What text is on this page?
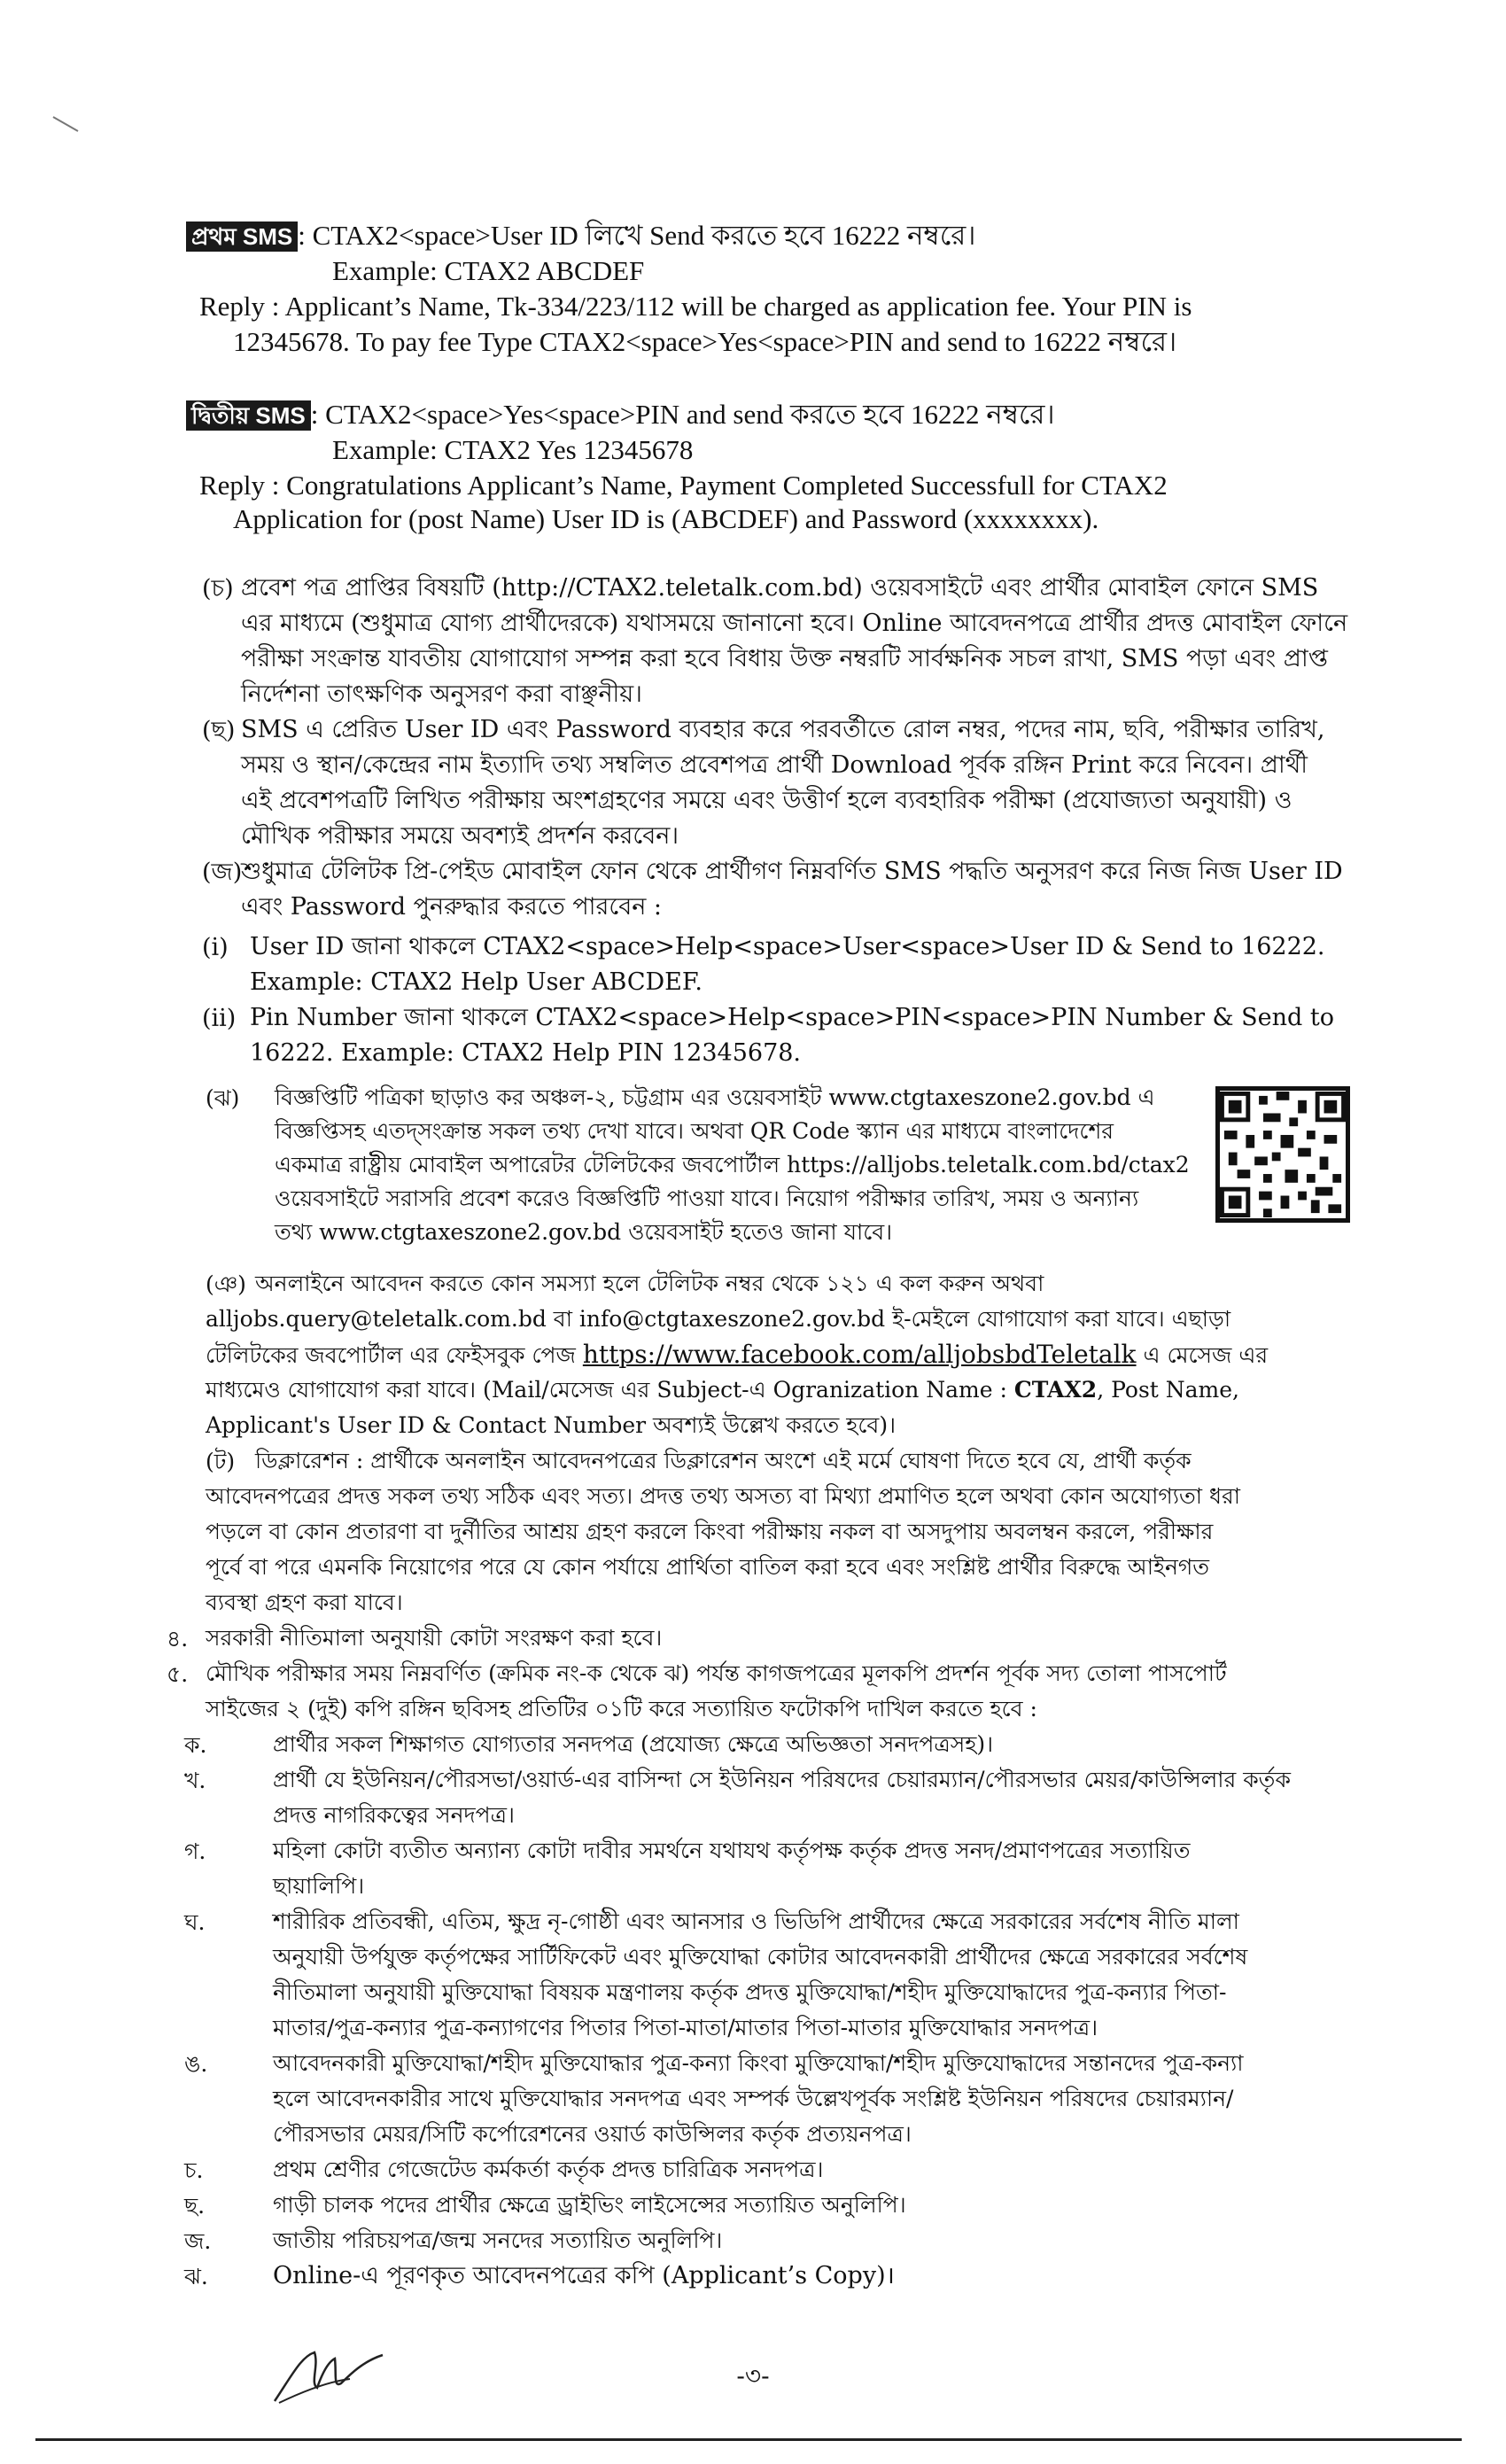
প্রথম SMS : CTAX2<space>User ID লিখে Send করতে হবে 16222 নম্বরে।
Example: CTAX2 ABCDEF
Reply : Applicant’s Name, Tk-334/223/112 will be charged as application fee. Your PIN is
12345678. To pay fee Type CTAX2<space>Yes<space>PIN and send to 16222 নম্বরে।
দ্বিতীয় SMS : CTAX2<space>Yes<space>PIN and send করতে হবে 16222 নম্বরে।
Example: CTAX2 Yes 12345678
Reply : Congratulations Applicant’s Name, Payment Completed Successfull for CTAX2
Application for (post Name) User ID is (ABCDEF) and Password (xxxxxxxx).
(চ) প্রবেশ পত্র প্রাপ্তির বিষয়টি (http://CTAX2.teletalk.com.bd) ওয়েবসাইটে এবং প্রার্থীর মোবাইল ফোনে SMS
এর মাধ্যমে (শুধুমাত্র যোগ্য প্রার্থীদেরকে) যথাসময়ে জানানো হবে। Online আবেদনপত্রে প্রার্থীর প্রদত্ত মোবাইল ফোনে
পরীক্ষা সংক্রান্ত যাবতীয় যোগাযোগ সম্পন্ন করা হবে বিধায় উক্ত নম্বরটি সার্বক্ষনিক সচল রাখা, SMS পড়া এবং প্রাপ্ত
নির্দেশনা তাৎক্ষণিক অনুসরণ করা বাঞ্ছনীয়।
(ছ) SMS এ প্রেরিত User ID এবং Password ব্যবহার করে পরবর্তীতে রোল নম্বর, পদের নাম, ছবি, পরীক্ষার তারিখ,
সময় ও স্থান/কেন্দ্রের নাম ইত্যাদি তথ্য সম্বলিত প্রবেশপত্র প্রার্থী Download পূর্বক রঙ্গিন Print করে নিবেন। প্রার্থী
এই প্রবেশপত্রটি লিখিত পরীক্ষায় অংশগ্রহণের সময়ে এবং উত্তীর্ণ হলে ব্যবহারিক পরীক্ষা (প্রযোজ্যতা অনুযায়ী) ও
মৌখিক পরীক্ষার সময়ে অবশ্যই প্রদর্শন করবেন।
(জ)
শুধুমাত্র টেলিটক প্রি-পেইড মোবাইল ফোন থেকে প্রার্থীগণ নিম্নবর্ণিত SMS পদ্ধতি অনুসরণ করে নিজ নিজ User ID
এবং Password পুনরুদ্ধার করতে পারবেন :
(i) User ID জানা থাকলে CTAX2<space>Help<space>User<space>User ID & Send to 16222.
Example: CTAX2 Help User ABCDEF.
(ii) Pin Number জানা থাকলে CTAX2<space>Help<space>PIN<space>PIN Number & Send to
16222. Example: CTAX2 Help PIN 12345678.
(ঝ) বিজ্ঞপ্তিটি পত্রিকা ছাড়াও কর অঞ্চল-২, চট্টগ্রাম এর ওয়েবসাইট www.ctgtaxeszone2.gov.bd এ
বিজ্ঞপ্তিসহ এতদ্‌সংক্রান্ত সকল তথ্য দেখা যাবে। অথবা QR Code স্ক্যান এর মাধ্যমে বাংলাদেশের
একমাত্র রাষ্ট্রীয় মোবাইল অপারেটর টেলিটকের জবপোর্টাল https://alljobs.teletalk.com.bd/ctax2
ওয়েবসাইটে সরাসরি প্রবেশ করেও বিজ্ঞপ্তিটি পাওয়া যাবে। নিয়োগ পরীক্ষার তারিখ, সময় ও অন্যান্য
তথ্য www.ctgtaxeszone2.gov.bd ওয়েবসাইট হতেও জানা যাবে।
(ঞ) অনলাইনে আবেদন করতে কোন সমস্যা হলে টেলিটক নম্বর থেকে ১২১ এ কল করুন অথবা
alljobs.query@teletalk.com.bd বা info@ctgtaxeszone2.gov.bd ই-মেইলে যোগাযোগ করা যাবে। এছাড়া
টেলিটকের জবপোর্টাল এর ফেইসবুক পেজ https://www.facebook.com/alljobsbdTeletalk এ মেসেজ এর
মাধ্যমেও যোগাযোগ করা যাবে। (Mail/মেসেজ এর Subject-এ Ogranization Name : CTAX2, Post Name,
Applicant's User ID & Contact Number অবশ্যই উল্লেখ করতে হবে)।
(ট) ডিক্লারেশন : প্রার্থীকে অনলাইন আবেদনপত্রের ডিক্লারেশন অংশে এই মর্মে ঘোষণা দিতে হবে যে, প্রার্থী কর্তৃক
আবেদনপত্রের প্রদত্ত সকল তথ্য সঠিক এবং সত্য। প্রদত্ত তথ্য অসত্য বা মিথ্যা প্রমাণিত হলে অথবা কোন অযোগ্যতা ধরা
পড়লে বা কোন প্রতারণা বা দুর্নীতির আশ্রয় গ্রহণ করলে কিংবা পরীক্ষায় নকল বা অসদুপায় অবলম্বন করলে, পরীক্ষার
পূর্বে বা পরে এমনকি নিয়োগের পরে যে কোন পর্যায়ে প্রার্থিতা বাতিল করা হবে এবং সংশ্লিষ্ট প্রার্থীর বিরুদ্ধে আইনগত
ব্যবস্থা গ্রহণ করা যাবে।
৪. সরকারী নীতিমালা অনুযায়ী কোটা সংরক্ষণ করা হবে।
৫. মৌখিক পরীক্ষার সময় নিম্নবর্ণিত (ক্রমিক নং-ক থেকে ঝ) পর্যন্ত কাগজপত্রের মূলকপি প্রদর্শন পূর্বক সদ্য তোলা পাসপোর্ট
সাইজের ২ (দুই) কপি রঙ্গিন ছবিসহ প্রতিটির ০১টি করে সত্যায়িত ফটোকপি দাখিল করতে হবে :
ক.	প্রার্থীর সকল শিক্ষাগত যোগ্যতার সনদপত্র (প্রযোজ্য ক্ষেত্রে অভিজ্ঞতা সনদপত্রসহ)।
খ.	প্রার্থী যে ইউনিয়ন/পৌরসভা/ওয়ার্ড-এর বাসিন্দা সে ইউনিয়ন পরিষদের চেয়ারম্যান/পৌরসভার মেয়র/কাউন্সিলার কর্তৃক
প্রদত্ত নাগরিকত্বের সনদপত্র।
গ.	মহিলা কোটা ব্যতীত অন্যান্য কোটা দাবীর সমর্থনে যথাযথ কর্তৃপক্ষ কর্তৃক প্রদত্ত সনদ/প্রমাণপত্রের সত্যায়িত
ছায়ালিপি।
ঘ.	শারীরিক প্রতিবন্ধী, এতিম, ক্ষুদ্র নৃ-গোষ্ঠী এবং আনসার ও ভিডিপি প্রার্থীদের ক্ষেত্রে সরকারের সর্বশেষ নীতি মালা
অনুযায়ী উর্পযুক্ত কর্তৃপক্ষের সার্টিফিকেট এবং মুক্তিযোদ্ধা কোটার আবেদনকারী প্রার্থীদের ক্ষেত্রে সরকারের সর্বশেষ
নীতিমালা অনুযায়ী মুক্তিযোদ্ধা বিষয়ক মন্ত্রণালয় কর্তৃক প্রদত্ত মুক্তিযোদ্ধা/শহীদ মুক্তিযোদ্ধাদের পুত্র-কন্যার পিতা-
মাতার/পুত্র-কন্যার পুত্র-কন্যাগণের পিতার পিতা-মাতা/মাতার পিতা-মাতার মুক্তিযোদ্ধার সনদপত্র।
ঙ.	আবেদনকারী মুক্তিযোদ্ধা/শহীদ মুক্তিযোদ্ধার পুত্র-কন্যা কিংবা মুক্তিযোদ্ধা/শহীদ মুক্তিযোদ্ধাদের সন্তানদের পুত্র-কন্যা
হলে আবেদনকারীর সাথে মুক্তিযোদ্ধার সনদপত্র এবং সম্পর্ক উল্লেখপূর্বক সংশ্লিষ্ট ইউনিয়ন পরিষদের চেয়ারম্যান/
পৌরসভার মেয়র/সিটি কর্পোরেশনের ওয়ার্ড কাউন্সিলর কর্তৃক প্রত্যয়নপত্র।
চ.	প্রথম শ্রেণীর গেজেটেড কর্মকর্তা কর্তৃক প্রদত্ত চারিত্রিক সনদপত্র।
ছ.	গাড়ী চালক পদের প্রার্থীর ক্ষেত্রে ড্রাইভিং লাইসেন্সের সত্যায়িত অনুলিপি।
জ.	জাতীয় পরিচয়পত্র/জন্ম সনদের সত্যায়িত অনুলিপি।
ঝ.	Online-এ পূরণকৃত আবেদনপত্রের কপি (Applicant’s Copy)।
-৩-
